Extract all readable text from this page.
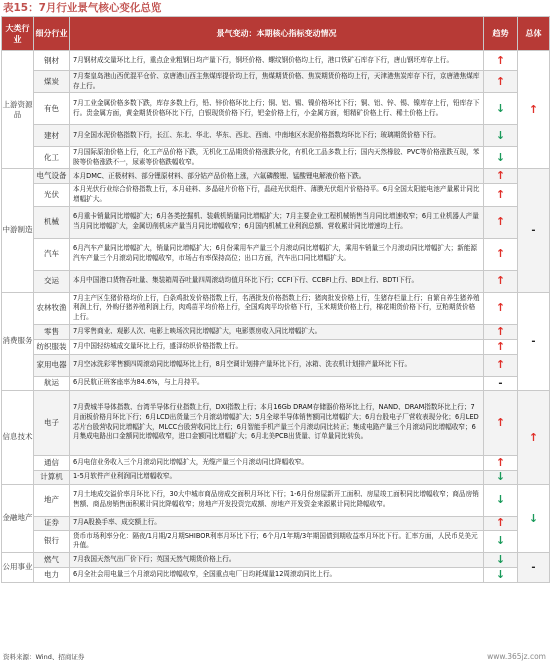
表15：7月行业景气核心变化总览
大类行业	细分行业	景气变动：本期核心指标变动情况	趋势	总体
上游资源品	钢材	7月钢材成交量环比上行，重点企业粗钢日均产量下行，钢坯价格、螺纹钢价格均上行，港口铁矿石库存下行，唐山钢坯库存上行。	↑	↑
	煤炭	7月秦皇岛港山西优混平仓价、京唐港山西主焦煤库提价均上行，焦煤期货价格、焦炭期货价格均上行，天津港焦炭库存下行，京唐港焦煤库存上行。	↑	
	有色	7月工业金属价格多数下跌，库存多数上行，铅、锌价格环比上行；铜、铝、锡、镍价格环比下行；铜、铝、锌、锡、镍库存上行，铅库存下行。贵金属方面，黄金期货价格环比下行，白银现货价格下行，钯金价格上行，小金属方面，钼精矿价格上行、稀土价格上行。	↓	
	建材	7月全国水泥价格指数下行，长江、东北、华北、华东、西北、西南、中南地区水泥价格指数均环比下行；玻璃期货价格下行。	↓	
	化工	7月国际原油价格上行，化工产品价格下跌，无机化工品期货价格涨跌分化，有机化工品多数上行；国内天然橡胶、PVC等价格涨跌互现，苯胺等价格涨跌不一，尿素等价格跌幅收窄。	↓	
中游制造	电气设备	本月DMC、正极材料、部分锂原材料、部分钴产品价格上涨，六氟磷酸锂、锰酸锂电解液价格下跌。	↑	-
	光伏	本月光伏行业综合价格指数上行，本月硅料、多晶硅片价格下行，晶硅光伏组件、薄膜光伏组片价格持平。6月全国太阳能电池产量累计同比增幅扩大。	↑	
	机械	6月重卡销量同比增幅扩大；6月各类挖掘机、装载机销量同比增幅扩大；7月主要企业工程机械销售当月同比增速收窄；6月工业机器人产量当月同比增幅扩大，金属切削机床产量当月同比增幅收窄；6月国内机械工业利润总额、营收累计同比增速均上行。	↑	
	汽车	6月汽车产量同比增幅扩大，销量同比增幅扩大；6月份乘用车产量三个月滚动同比增幅扩大，乘用车销量三个月滚动同比增幅扩大；新能源汽车产量三个月滚动同比增幅收窄，市场占有率保持高位；出口方面，汽车出口同比增幅扩大。	↑	
	交运	本月中国港口货物吞吐量、集装箱周吞吐量四周滚动均值月环比下行；CCFI下行、CCBFI上行、BDI上行、BDTI下行。	↑	
消费服务	农林牧渔	7月主产区生猪价格均价上行，白条鸡批发价格指数上行，名酒批发价格指数上行；猪肉批发价格上行，生猪存栏量上行；自繁自养生猪养殖利润上行，外购仔猪养殖利润上行，肉鸡苗平均价格上行，全国鸡肉平均价格下行，玉米期货价格上行，棉花期货价格下行，豆粕期货价格上行。	↑	-
	零售	7月零售商业、观影人次、电影上映场次同比增幅扩大，电影票房收入同比增幅扩大。	↑	
	纺织服装	7月中国轻纺城成交量环比上行，盛泽纺织价格指数上行。	↑	
	家用电器	7月空冰洗彩零售额四周滚动同比增幅环比上行，8月空调计划排产量环比下行，冰箱、洗衣机计划排产量环比下行。	↑	
	航运	6月民航正班客座率为84.6%，与上月持平。	-	
信息技术	电子	7月费城半导体指数、台湾半导体行业指数上行，DXI指数上行；本月16Gb DRAM存储器价格环比上行，NAND、DRAM指数环比上行；7月面板价格月环比下行；6月LCD出货量三个月滚动增幅扩大；5月全球半导体销售额同比增幅扩大；6月台股电子厂营收表现分化；6月LED芯片台股营收同比增幅扩大，MLCC台股营收同比上行；6月智能手机产量三个月滚动同比转正；集成电路产量三个月滚动同比增幅收窄；6月集成电路出口金额同比增幅收窄，进口金额同比增幅扩大；6月北美PCB出货量、订单量同比转负。	↑	↑
	通信	6月电信业务收入三个月滚动同比增幅扩大，光缆产量三个月滚动同比降幅收窄。	↑	
	计算机	1-5月软件产业利润同比增幅收窄。	↓	
金融地产	地产	7月土地成交溢价率月环比下行，30大中城市商品房成交面积月环比下行；1-6月份房屋新开工面积、房屋竣工面积同比增幅收窄；商品房销售额、商品房销售面积累计同比降幅收窄；房地产开发投资完成额、房地产开发资金来源累计同比降幅收窄。	↓	↓
	证券	7月A股换手率、成交额上行。	↑	
	银行	货币市场利率分化：隔夜/1月期/2月期SHIBOR利率月环比下行；6个月/1年期/3年期国债到期收益率月环比下行。汇率方面，人民币兑美元升值。	↓	
公用事业	燃气	7月我国天然气出厂价下行；英国天然气期货价格上行。	↓	-
	电力	6月全社会用电量三个月滚动同比增幅收窄，全国重点电厂日均耗煤量12周滚动同比上行。	↓	
资料来源：Wind、招商证券	www.365jz.com
